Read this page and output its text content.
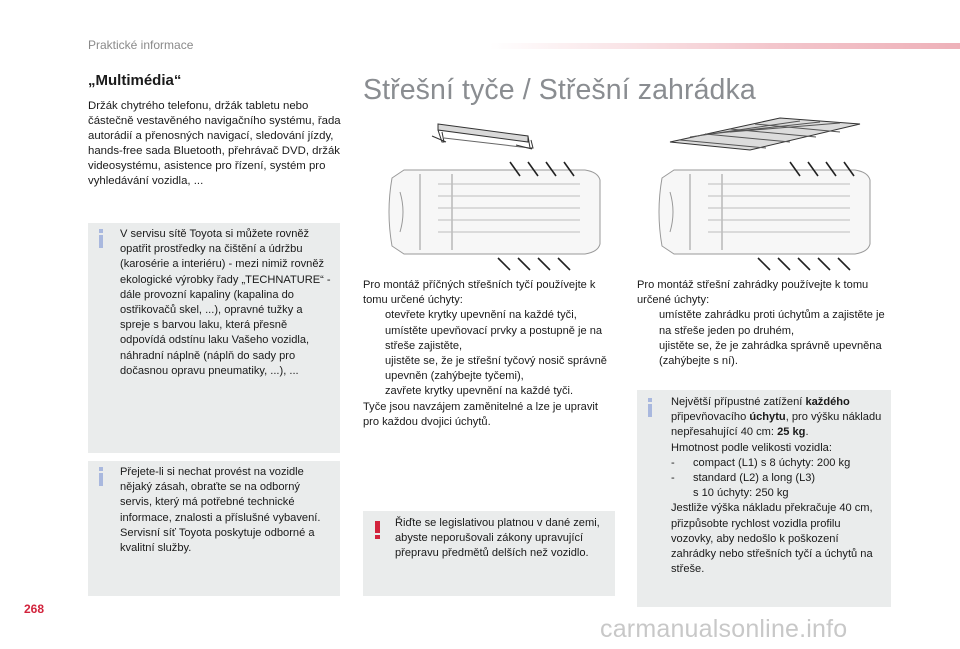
Praktické informace
„Multimédia“
Držák chytrého telefonu, držák tabletu nebo částečně vestavěného navigačního systému, řada autorádií a přenosných navigací, sledování jízdy, hands-free sada Bluetooth, přehrávač DVD, držák videosystému, asistence pro řízení, systém pro vyhledávání vozidla, ...
V servisu sítě Toyota si můžete rovněž opatřit prostředky na čištění a údržbu (karosérie a interiéru) - mezi nimiž rovněž ekologické výrobky řady „TECHNATURE“ - dále provozní kapaliny (kapalina do ostřikovačů skel, ...), opravné tužky a spreje s barvou laku, která přesně odpovídá odstínu laku Vašeho vozidla, náhradní náplně (náplň do sady pro dočasnou opravu pneumatiky, ...), ...
Přejete-li si nechat provést na vozidle nějaký zásah, obraťte se na odborný servis, který má potřebné technické informace, znalosti a příslušné vybavení. Servisní síť Toyota poskytuje odborné a kvalitní služby.
Střešní tyče / Střešní zahrádka
Pro montáž příčných střešních tyčí používejte k tomu určené úchyty:
otevřete krytky upevnění na každé tyči,
umístěte upevňovací prvky a postupně je na střeše zajistěte,
ujistěte se, že je střešní tyčový nosič správně upevněn (zahýbejte tyčemi),
zavřete krytky upevnění na každé tyči.
Tyče jsou navzájem zaměnitelné a lze je upravit pro každou dvojici úchytů.
Pro montáž střešní zahrádky používejte k tomu určené úchyty:
umístěte zahrádku proti úchytům a zajistěte je na střeše jeden po druhém,
ujistěte se, že je zahrádka správně upevněna (zahýbejte s ní).
Řiďte se legislativou platnou v dané zemi, abyste neporušovali zákony upravující přepravu předmětů delších než vozidlo.
Největší přípustné zatížení každého připevňovacího úchytu, pro výšku nákladu nepřesahující 40 cm: 25 kg.
Hmotnost podle velikosti vozidla:
- compact (L1) s 8 úchyty: 200 kg
- standard (L2) a long (L3)
s 10 úchyty: 250 kg
Jestliže výška nákladu překračuje 40 cm, přizpůsobte rychlost vozidla profilu vozovky, aby nedošlo k poškození zahrádky nebo střešních tyčí a úchytů na střeše.
268
carmanualsonline.info
